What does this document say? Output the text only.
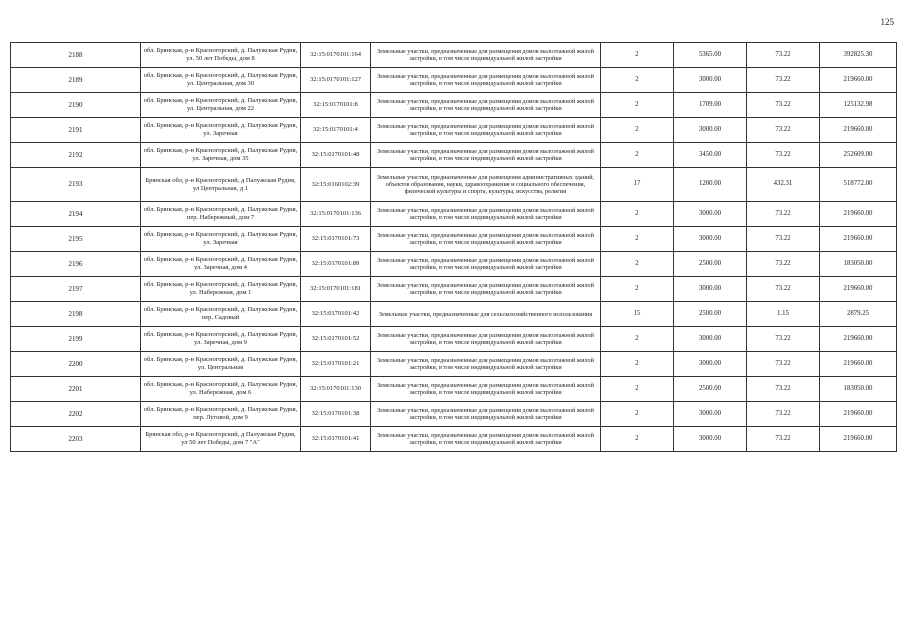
125
2188	обл. Брянская, р-н Красногорский, д. Палужская Рудня, ул. 50 лет Победы, дом 8	32:15:0170101:164	Земельные участки, предназначенные для размещения домов малоэтажной жилой застройки, в том числе индивидуальной жилой застройки	2	5365.00	73.22	392825.30
2189	обл. Брянская, р-н Красногорский, д. Палужская Рудня, ул. Центральная, дом 30	32:15:0170101:127	Земельные участки, предназначенные для размещения домов малоэтажной жилой застройки, в том числе индивидуальной жилой застройки	2	3000.00	73.22	219660.00
2190	обл. Брянская, р-н Красногорский, д. Палужская Рудня, ул. Центральная, дом 22	32:15:0170101:8	Земельные участки, предназначенные для размещения домов малоэтажной жилой застройки, в том числе индивидуальной жилой застройки	2	1709.00	73.22	125132.98
2191	обл. Брянская, р-н Красногорский, д. Палужская Рудня, ул. Заречная	32:15:0170101:4	Земельные участки, предназначенные для размещения домов малоэтажной жилой застройки, в том числе индивидуальной жилой застройки	2	3000.00	73.22	219660.00
2192	обл. Брянская, р-н Красногорский, д. Палужская Рудня, ул. Заречная, дом 35	32:15:0170101:48	Земельные участки, предназначенные для размещения домов малоэтажной жилой застройки, в том числе индивидуальной жилой застройки	2	3450.00	73.22	252609.00
2193	Брянская обл, р-н Красногорский, д Палужская Рудня, ул Центральная, д 1	32:15:0160102:39	Земельные участки, предназначенные для размещения административных зданий, объектов образования, науки, здравоохранения и социального обеспечения, физической культуры и спорта, культуры, искусства, религии	17	1200.00	432.31	518772.00
2194	обл. Брянская, р-н Красногорский, д. Палужская Рудня, пер. Набережный, дом 7	32:15:0170101:136	Земельные участки, предназначенные для размещения домов малоэтажной жилой застройки, в том числе индивидуальной жилой застройки	2	3000.00	73.22	219660.00
2195	обл. Брянская, р-н Красногорский, д. Палужская Рудня, ул. Заречная	32:15:0170101:73	Земельные участки, предназначенные для размещения домов малоэтажной жилой застройки, в том числе индивидуальной жилой застройки	2	3000.00	73.22	219660.00
2196	обл. Брянская, р-н Красногорский, д. Палужская Рудня, ул. Заречная, дом 4	32:15:0170101:89	Земельные участки, предназначенные для размещения домов малоэтажной жилой застройки, в том числе индивидуальной жилой застройки	2	2500.00	73.22	183050.00
2197	обл. Брянская, р-н Красногорский, д. Палужская Рудня, ул. Набережная, дом 1	32:15:0170101:181	Земельные участки, предназначенные для размещения домов малоэтажной жилой застройки, в том числе индивидуальной жилой застройки	2	3000.00	73.22	219660.00
2198	обл. Брянская, р-н Красногорский, д. Палужская Рудня, пер. Садовый	32:15:0170101:42	Земельные участки, предназначенные для сельскохозяйственного использования	15	2500.00	1.15	2879.25
2199	обл. Брянская, р-н Красногорский, д. Палужская Рудня, ул. Заречная, дом 9	32:15:0170101:52	Земельные участки, предназначенные для размещения домов малоэтажной жилой застройки, в том числе индивидуальной жилой застройки	2	3000.00	73.22	219660.00
2200	обл. Брянская, р-н Красногорский, д. Палужская Рудня, ул. Центральная	32:15:0170101:21	Земельные участки, предназначенные для размещения домов малоэтажной жилой застройки, в том числе индивидуальной жилой застройки	2	3000.00	73.22	219660.00
2201	обл. Брянская, р-н Красногорский, д. Палужская Рудня, ул. Набережная, дом 6	32:15:0170101:130	Земельные участки, предназначенные для размещения домов малоэтажной жилой застройки, в том числе индивидуальной жилой застройки	2	2500.00	73.22	183050.00
2202	обл. Брянская, р-н Красногорский, д. Палужская Рудня, пер. Луговой, дом 9	32:15:0170101:38	Земельные участки, предназначенные для размещения домов малоэтажной жилой застройки, в том числе индивидуальной жилой застройки	2	3000.00	73.22	219660.00
2203	Брянская обл, р-н Красногорский, д Палужская Рудня, ул 50 лет Победы, дом 7 "А"	32:15:0170101:41	Земельные участки, предназначенные для размещения домов малоэтажной жилой застройки, в том числе индивидуальной жилой застройки	2	3000.00	73.22	219660.00
